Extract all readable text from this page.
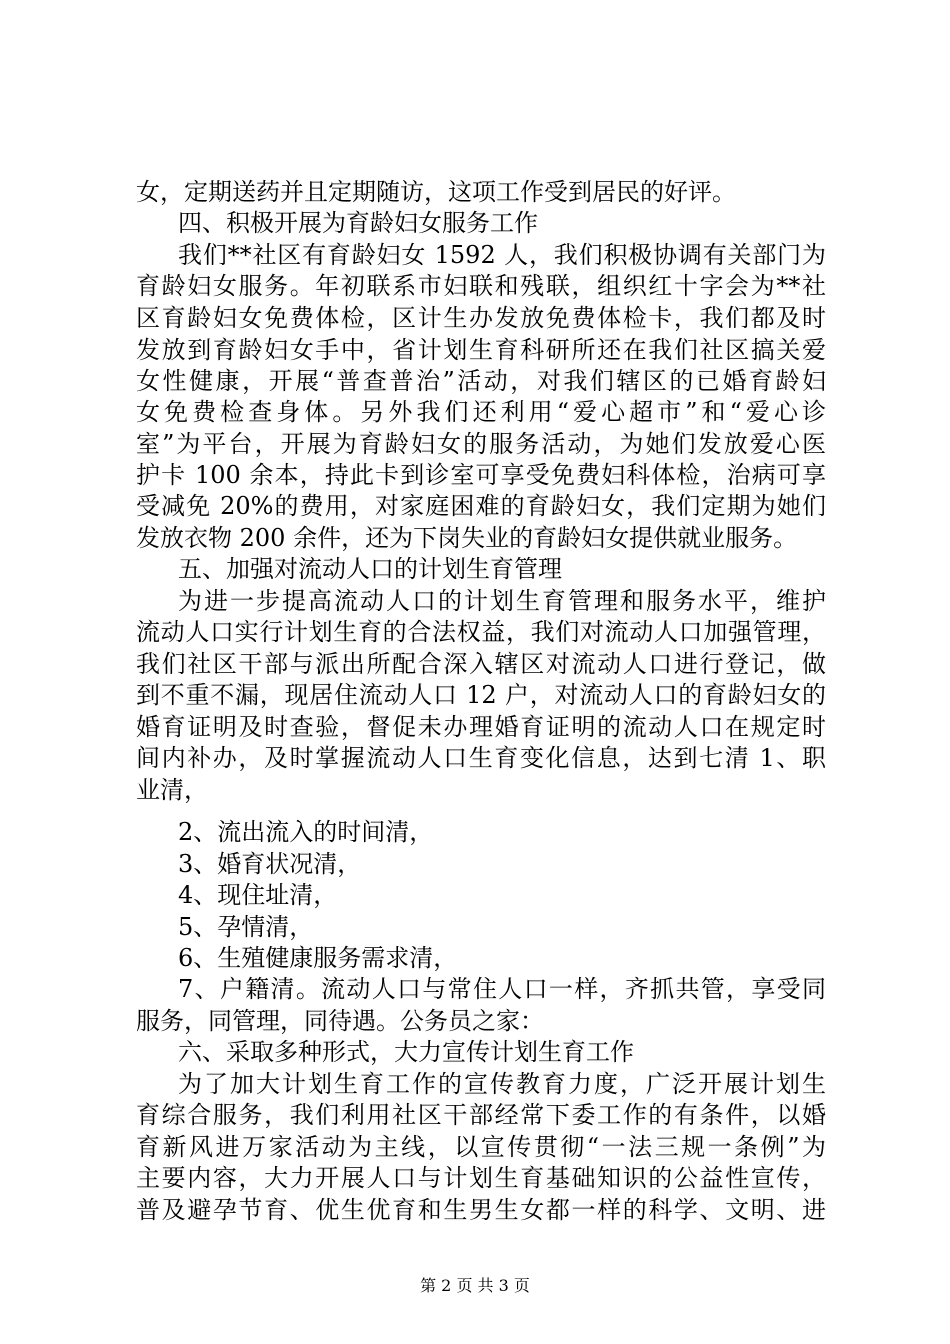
女，定期送药并且定期随访，这项工作受到居民的好评。
四、积极开展为育龄妇女服务工作
我们**社区有育龄妇女 1592 人，我们积极协调有关部门为
育龄妇女服务。年初联系市妇联和残联，组织红十字会为**社
区育龄妇女免费体检，区计生办发放免费体检卡，我们都及时
发放到育龄妇女手中，省计划生育科研所还在我们社区搞关爱
女性健康，开展“普查普治”活动，对我们辖区的已婚育龄妇
女免费检查身体。另外我们还利用“爱心超市”和“爱心诊
室”为平台，开展为育龄妇女的服务活动，为她们发放爱心医
护卡 100 余本，持此卡到诊室可享受免费妇科体检，治病可享
受减免 20%的费用，对家庭困难的育龄妇女，我们定期为她们
发放衣物 200 余件，还为下岗失业的育龄妇女提供就业服务。
五、加强对流动人口的计划生育管理
为进一步提高流动人口的计划生育管理和服务水平，维护
流动人口实行计划生育的合法权益，我们对流动人口加强管理，
我们社区干部与派出所配合深入辖区对流动人口进行登记，做
到不重不漏，现居住流动人口 12 户，对流动人口的育龄妇女的
婚育证明及时查验，督促未办理婚育证明的流动人口在规定时
间内补办，及时掌握流动人口生育变化信息，达到七清 1、职
业清，
2、流出流入的时间清，
3、婚育状况清，
4、现住址清，
5、孕情清，
6、生殖健康服务需求清，
7、户籍清。流动人口与常住人口一样，齐抓共管，享受同
服务，同管理，同待遇。公务员之家：
六、采取多种形式，大力宣传计划生育工作
为了加大计划生育工作的宣传教育力度，广泛开展计划生
育综合服务，我们利用社区干部经常下委工作的有条件，以婚
育新风进万家活动为主线，以宣传贯彻“一法三规一条例”为
主要内容，大力开展人口与计划生育基础知识的公益性宣传，
普及避孕节育、优生优育和生男生女都一样的科学、文明、进
第 2 页 共 3 页
